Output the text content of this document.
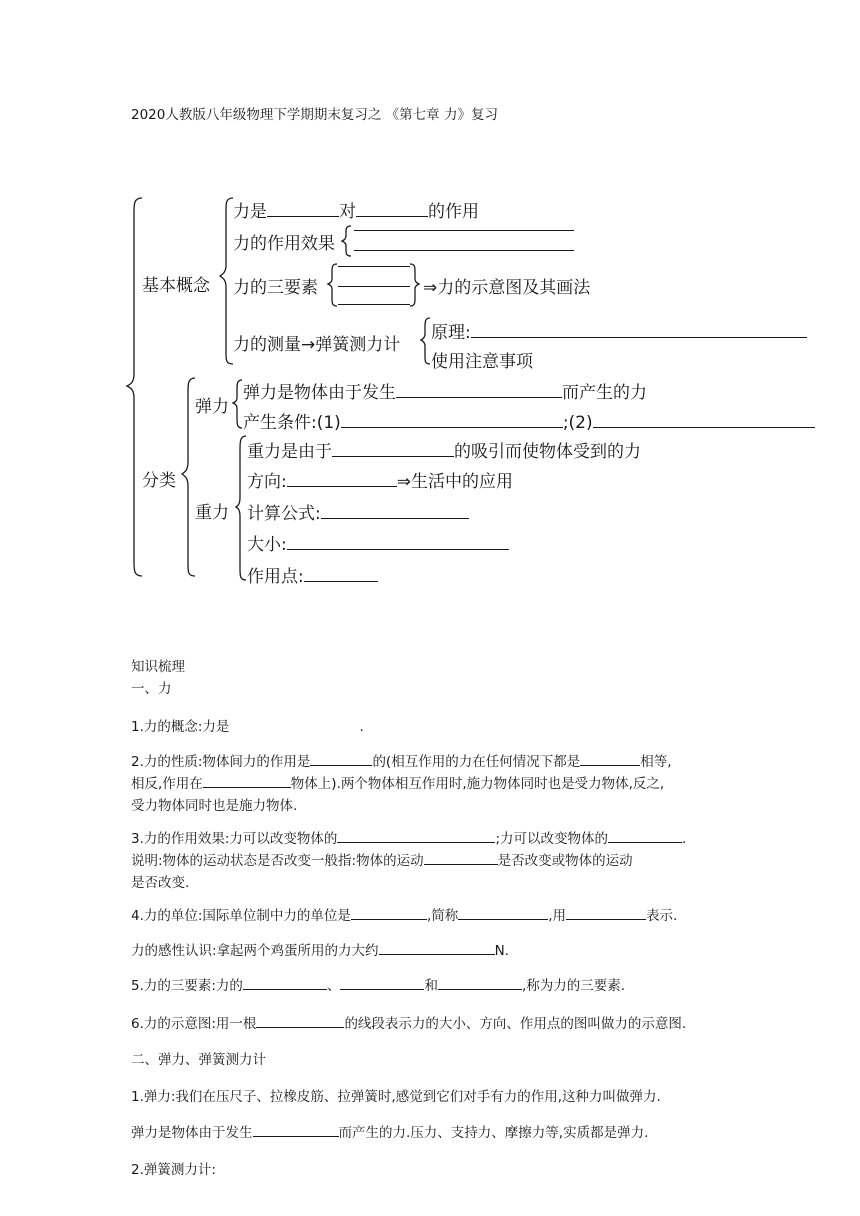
2020人教版八年级物理下学期期末复习之 《第七章 力》复习
基本概念
力是	对	的作用
力的作用效果
力的三要素	⇒力的示意图及其画法
力的测量→弹簧测力计
原理:
使用注意事项
分类
弹力
弹力是物体由于发生	而产生的力
产生条件:(1)	;(2)
重力
重力是由于	的吸引而使物体受到的力
方向:	⇒生活中的应用
计算公式:
大小:
作用点:
知识梳理
一、力
1.力的概念:力是	.
2.力的性质:物体间力的作用是	的(相互作用的力在任何情况下都是	相等,
相反,作用在	物体上).两个物体相互作用时,施力物体同时也是受力物体,反之,
受力物体同时也是施力物体.
3.力的作用效果:力可以改变物体的	;力可以改变物体的	.
说明:物体的运动状态是否改变一般指:物体的运动	是否改变或物体的运动
是否改变.
4.力的单位:国际单位制中力的单位是	,简称	,用	表示.
力的感性认识:拿起两个鸡蛋所用的力大约	N.
5.力的三要素:力的	、	和	,称为力的三要素.
6.力的示意图:用一根	的线段表示力的大小、方向、作用点的图叫做力的示意图.
二、弹力、弹簧测力计
1.弹力:我们在压尺子、拉橡皮筋、拉弹簧时,感觉到它们对手有力的作用,这种力叫做弹力.
弹力是物体由于发生	而产生的力.压力、支持力、摩擦力等,实质都是弹力.
2.弹簧测力计:
